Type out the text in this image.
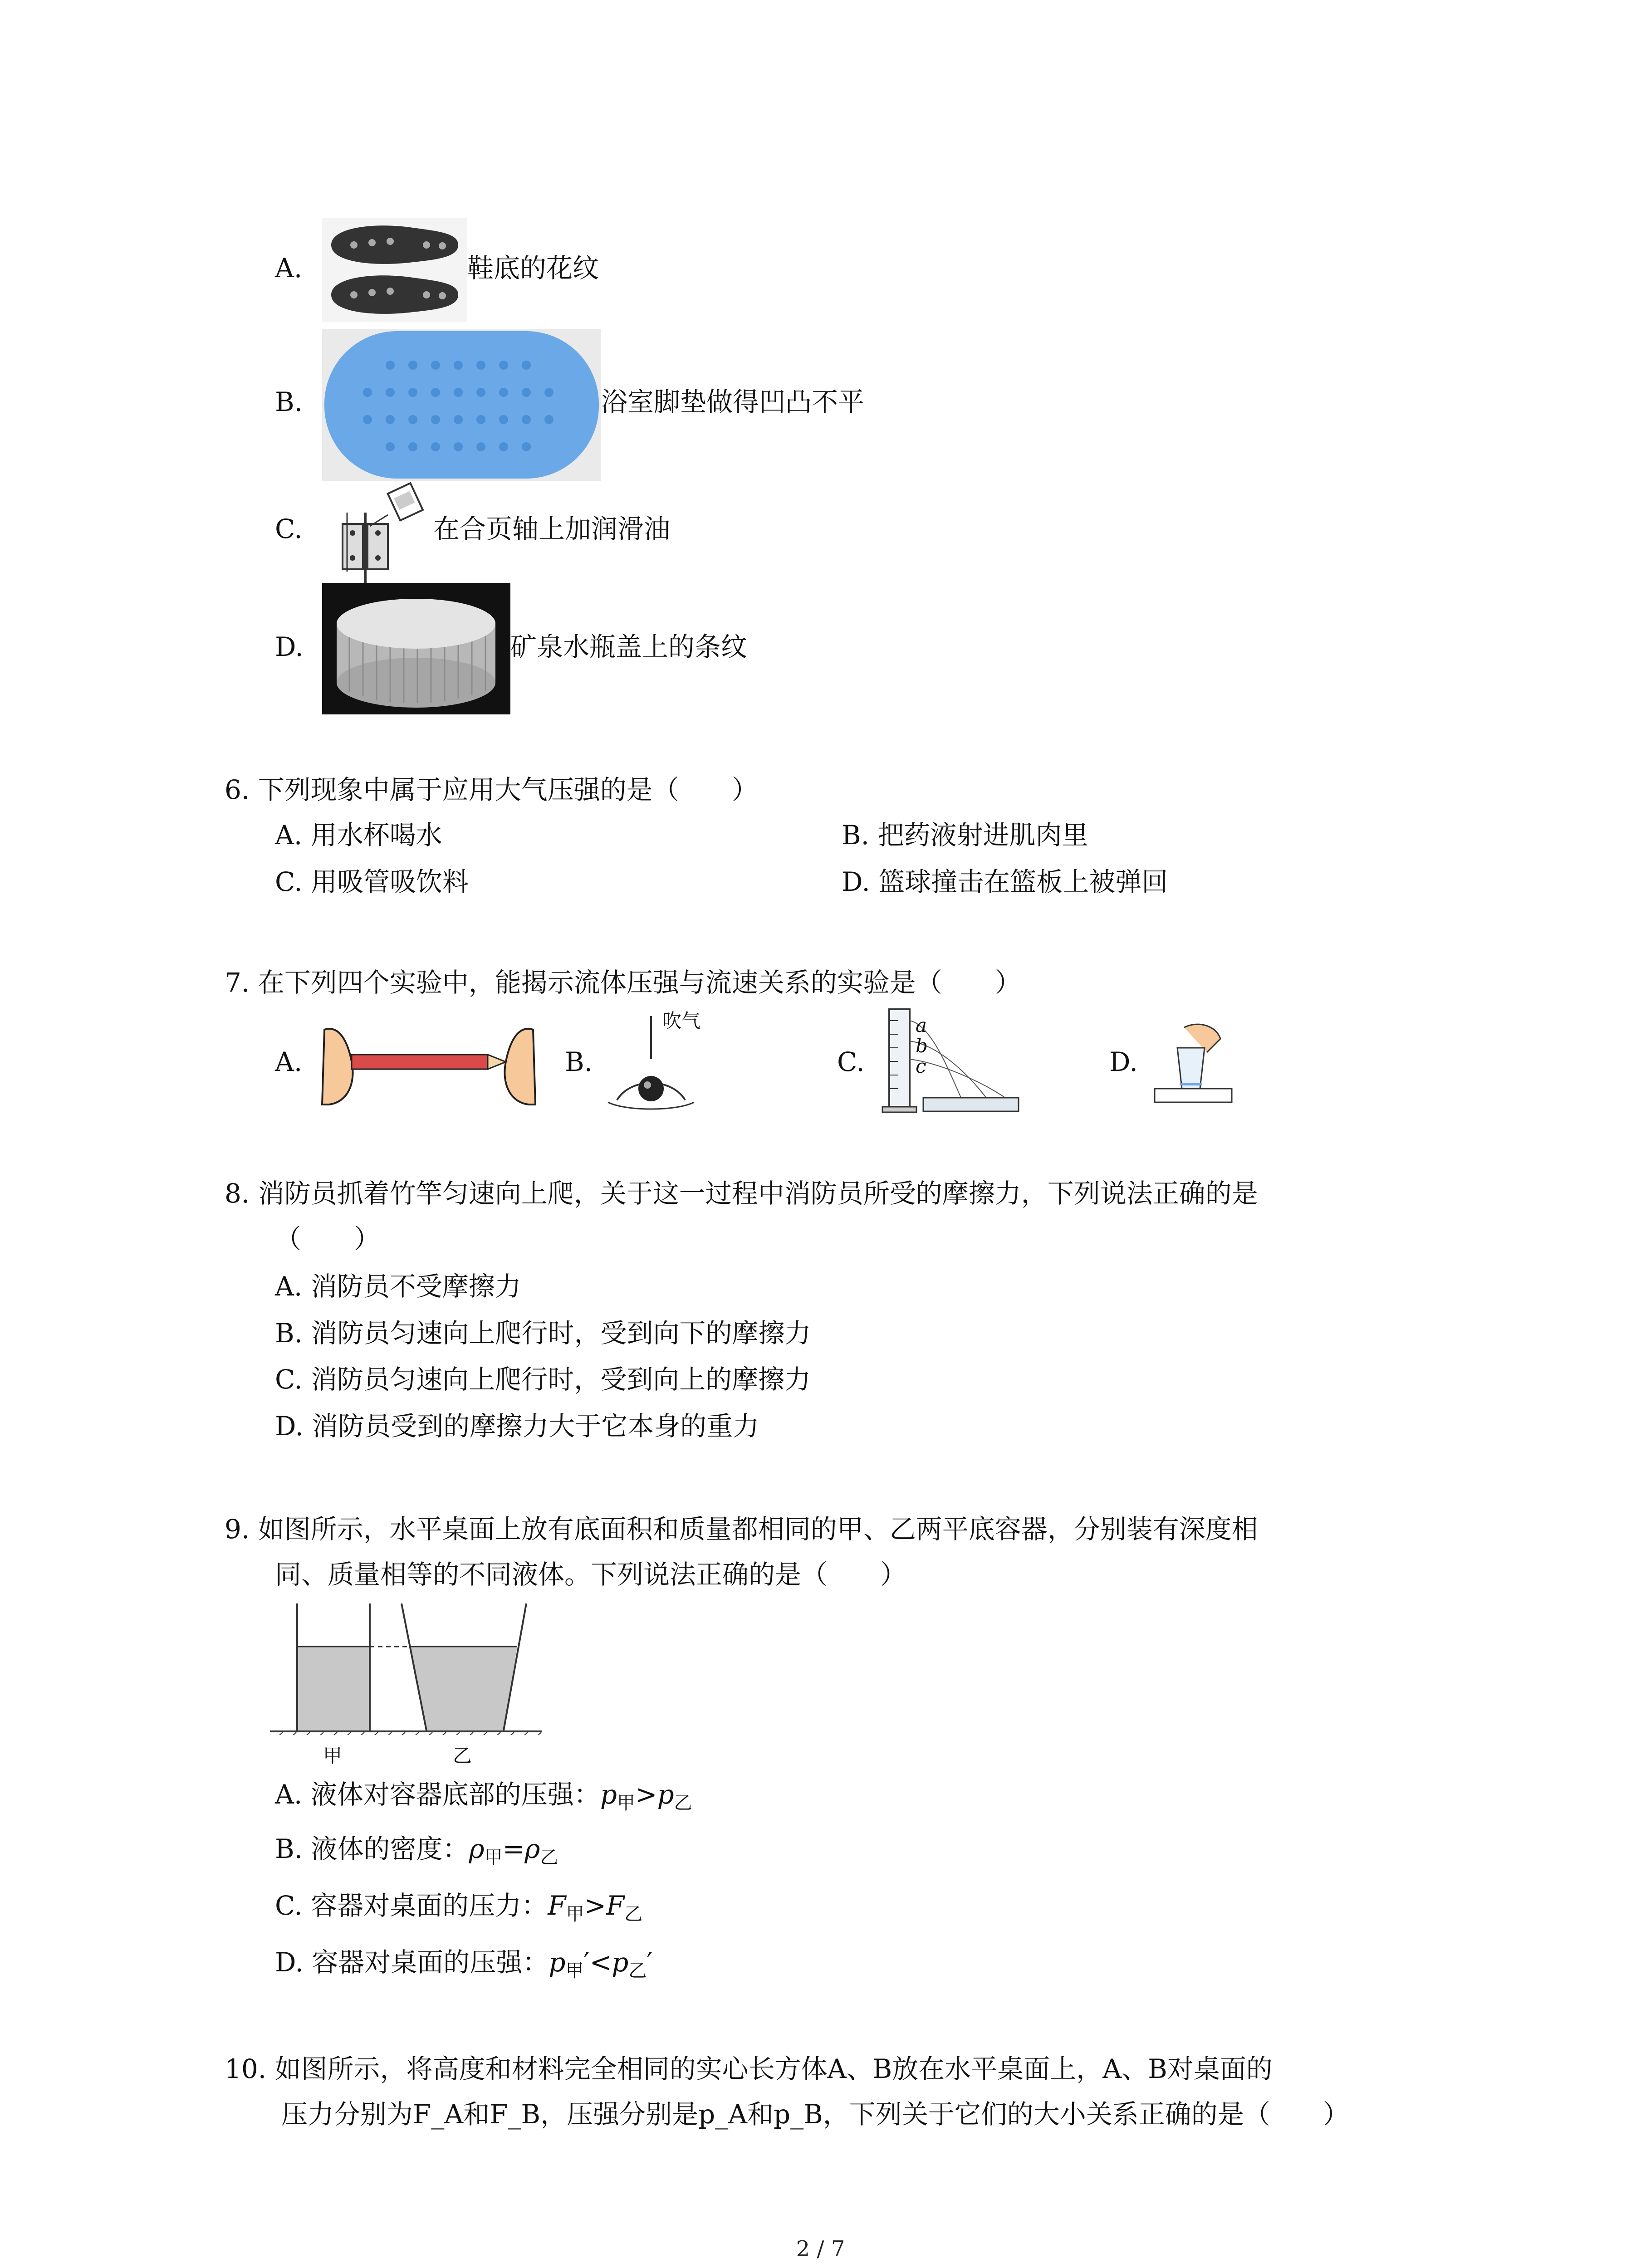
A.	鞋底的花纹
B.	浴室脚垫做得凹凸不平
C.	在合页轴上加润滑油
D.	矿泉水瓶盖上的条纹
6. 下列现象中属于应用大气压强的是（　　）
A. 用水杯喝水	B. 把药液射进肌肉里
C. 用吸管吸饮料	D. 篮球撞击在篮板上被弹回
7. 在下列四个实验中，能揭示流体压强与流速关系的实验是（　　）
A.	B.
吹气
C.
a
b
c	D.
8. 消防员抓着竹竿匀速向上爬，关于这一过程中消防员所受的摩擦力，下列说法正确的是
（　　）
A. 消防员不受摩擦力
B. 消防员匀速向上爬行时，受到向下的摩擦力
C. 消防员匀速向上爬行时，受到向上的摩擦力
D. 消防员受到的摩擦力大于它本身的重力
9. 如图所示，水平桌面上放有底面积和质量都相同的甲、乙两平底容器，分别装有深度相
同、质量相等的不同液体。下列说法正确的是（　　）
甲	乙
A. 液体对容器底部的压强：$p_甲>p_乙$
B. 液体的密度：$\rho_甲=\rho_乙$
C. 容器对桌面的压力：$F_甲>F_乙$
D. 容器对桌面的压强：$p_甲'<p_乙'$
10. 如图所示，将高度和材料完全相同的实心长方体A、B放在水平桌面上，A、B对桌面的
压力分别为F_A和F_B，压强分别是p_A和p_B，下列关于它们的大小关系正确的是（　　）
2 / 7
